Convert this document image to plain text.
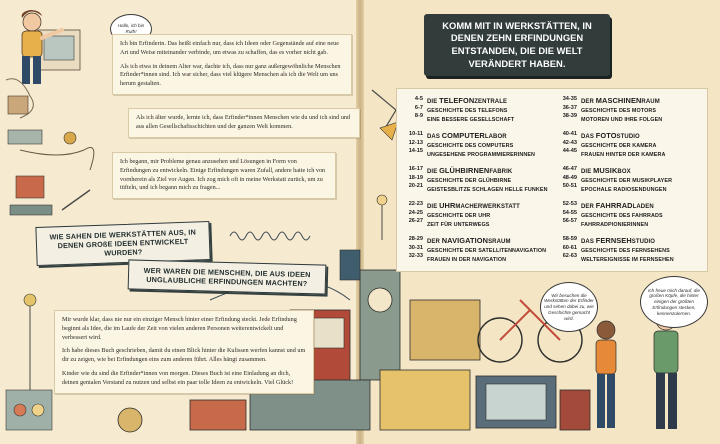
Hallo, ich bin Ruth!

Ich bin Erfinderin. Das heißt einfach nur, dass ich Ideen oder Gegenstände auf eine neue Art und Weise miteinander verbinde, um etwas zu schaffen, das es vorher nicht gab.

Als ich etwa in deinem Alter war, dachte ich, dass nur ganz außergewöhnliche Menschen Erfinder*innen sind. Ich war sicher, dass viel klügere Menschen als ich die Welt um uns herum gestalten.

Als ich älter wurde, lernte ich, dass Erfinder*innen Menschen wie du und ich sind und aus allen Gesellschaftsschichten und der ganzen Welt kommen.

Ich begann, mir Probleme genau anzusehen und Lösungen in Form von Erfindungen zu entwickeln. Einige Erfindungen waren Zufall, andere hatte ich von vornherein als Ziel vor Augen. Ich zog mich oft in meine Werkstatt zurück, um zu tüfteln, und ich begann mich zu fragen...

WIE SAHEN DIE WERKSTÄTTEN AUS, IN DENEN GROßE IDEEN ENTWICKELT WURDEN?
WER WAREN DIE MENSCHEN, DIE AUS IDEEN UNGLAUBLICHE ERFINDUNGEN MACHTEN?

Mir wurde klar, dass nie nur ein einziger Mensch hinter einer Erfindung steckt. Jede Erfindung beginnt als Idee, die im Laufe der Zeit von vielen anderen Personen weiterentwickelt und verbessert wird.

Ich habe dieses Buch geschrieben, damit du einen Blick hinter die Kulissen werfen kannst und um dir zu zeigen, wie bei Erfindungen eins zum anderen führt. Alles hängt zusammen.

Kinder wie du sind die Erfinder*innen von morgen. Dieses Buch ist eine Einladung an dich, deinen genialen Verstand zu nutzen und selbst ein paar tolle Ideen zu entwickeln. Viel Glück!

KOMM MIT IN WERKSTÄTTEN, IN DENEN ZEHN ERFINDUNGEN ENTSTANDEN, DIE DIE WELT VERÄNDERT HABEN.
4-5
6-7
8-9
DIE TELEFONZENTRALE
GESCHICHTE DES TELEFONS
EINE BESSERE GESELLSCHAFT
10-11
12-13
14-15
DAS COMPUTERLABOR
GESCHICHTE DES COMPUTERS
UNGESEHENE PROGRAMMIERERINNEN
16-17
18-19
20-21
DIE GLÜHBIRNENFABRIK
GESCHICHTE DER GLÜHBIRNE
GEISTESBLITZE SCHLAGEN HELLE FUNKEN
22-23
24-25
26-27
DIE UHRMACHERWERKSTATT
GESCHICHTE DER UHR
ZEIT FÜR UNTERWEGS
28-29
30-31
32-33
DER NAVIGATIONSRAUM
GESCHICHTE DER SATELLITENNAVIGATION
FRAUEN IN DER NAVIGATION
34-35
36-37
38-39
DER MASCHINENRAUM
GESCHICHTE DES MOTORS
MOTOREN UND IHRE FOLGEN
40-41
42-43
44-45
DAS FOTOSTUDIO
GESCHICHTE DER KAMERA
FRAUEN HINTER DER KAMERA
46-47
48-49
50-51
DIE MUSIKBOX
GESCHICHTE DER MUSIKPLAYER
EPOCHALE RADIOSENDUNGEN
52-53
54-55
56-57
DER FAHRRADLADEN
GESCHICHTE DES FAHRRADS
FAHRRADPIONIERINNEN
58-59
60-61
62-63
DAS FERNSEHSTUDIO
GESCHICHTE DES FERNSEHENS
WELTEREIGNISSE IM FERNSEHEN
Wir besuchen die Werkstätten der Erfinder und sehen dabei zu, wie Geschichte gemacht wird.
Ich freue mich darauf, die großen Köpfe, die hinter einigen der größten Erfindungen stecken, kennenzulernen.
